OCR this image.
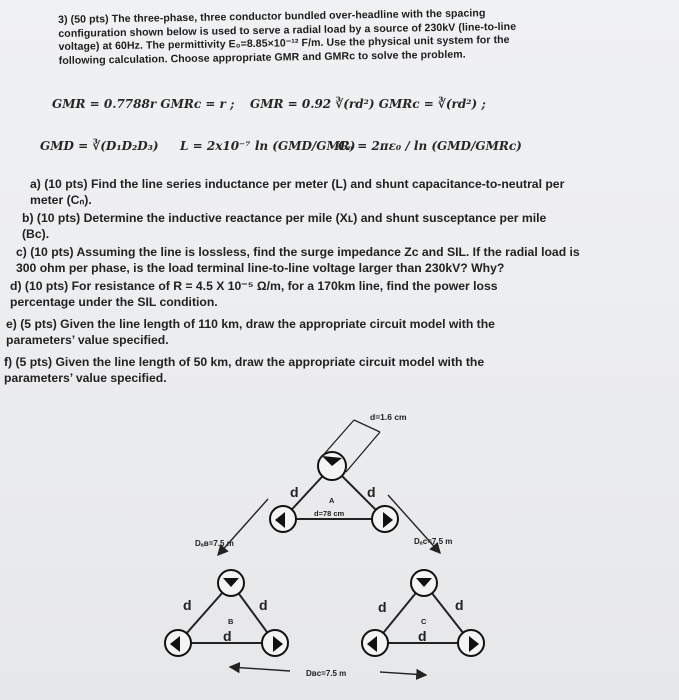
3) (50 pts) The three-phase, three conductor bundled over-headline with the spacing
configuration shown below is used to serve a radial load by a source of 230kV (line-to-line
voltage) at 60Hz. The permittivity E₀=8.85×10⁻¹² F/m. Use the physical unit system for the
following calculation. Choose appropriate GMR and GMRᴄ to solve the problem.
GMR = 0.7788r GMRᴄ = r ; GMR = 0.92 ∛(rd²) GMRᴄ = ∛(rd²) ;
GMD = ∛(D₁D₂D₃) L = 2x10⁻⁷ ln (GMD/GMR)
Cₙ = 2πε₀ / ln (GMD/GMRᴄ)
a) (10 pts) Find the line series inductance per meter (L) and shunt capacitance-to-neutral per
meter (Cₙ).
b) (10 pts) Determine the inductive reactance per mile (Xʟ) and shunt susceptance per mile
(Bᴄ).
c) (10 pts) Assuming the line is lossless, find the surge impedance Zᴄ and SIL. If the radial load is
300 ohm per phase, is the load terminal line-to-line voltage larger than 230kV? Why?
d) (10 pts) For resistance of R = 4.5 X 10⁻⁵ Ω/m, for a 170km line, find the power loss
percentage under the SIL condition.
e) (5 pts) Given the line length of 110 km, draw the appropriate circuit model with the
parameters’ value specified.
f) (5 pts) Given the line length of 50 km, draw the appropriate circuit model with the
parameters’ value specified.
d=1.6 cm
d	d
A
d=78 cm
d	d
B
d
d	d
C
d
Dₐʙ=7.5 m	Dₐᴄ=7.5 m
Dʙᴄ=7.5 m
